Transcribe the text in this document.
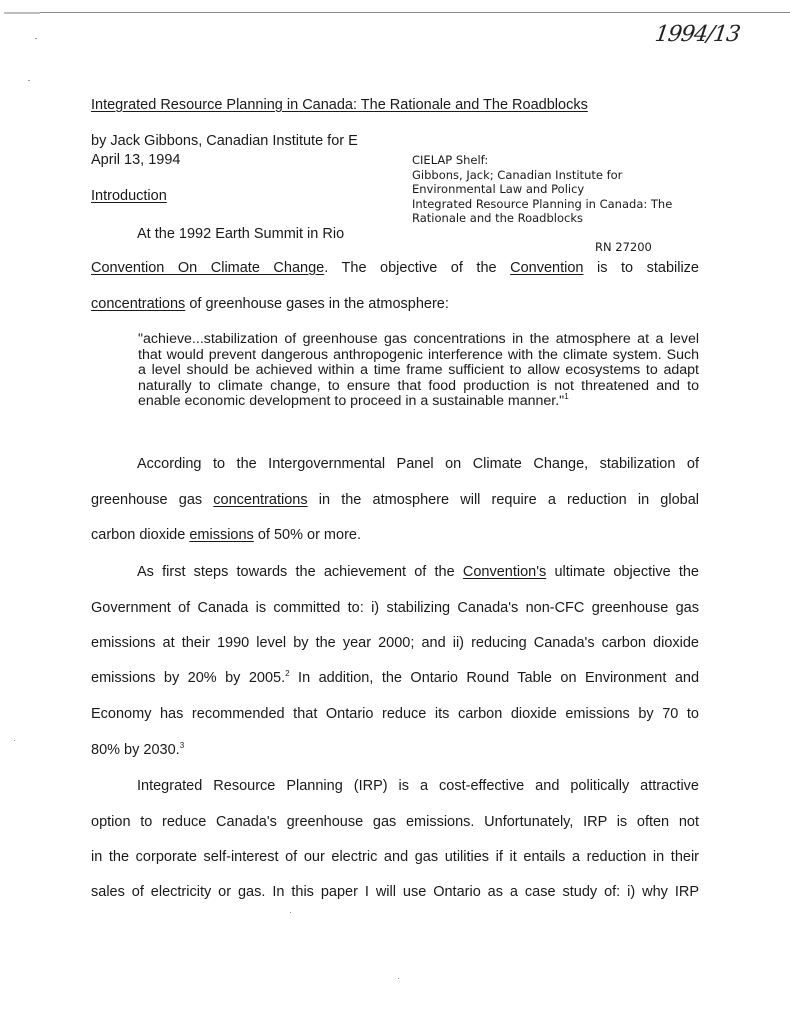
1994/13
Integrated Resource Planning in Canada: The Rationale and The Roadblocks
by Jack Gibbons, Canadian Institute for E
April 13, 1994
Introduction
At the 1992 Earth Summit in Rio
CIELAP Shelf:
Gibbons, Jack; Canadian Institute for
Environmental Law and Policy
Integrated Resource Planning in Canada: The
Rationale and the Roadblocks
RN 27200
Convention On Climate Change. The objective of the Convention is to stabilize
concentrations of greenhouse gases in the atmosphere:
"achieve...stabilization of greenhouse gas concentrations in the atmosphere at a level that would prevent dangerous anthropogenic interference with the climate system. Such a level should be achieved within a time frame sufficient to allow ecosystems to adapt naturally to climate change, to ensure that food production is not threatened and to enable economic development to proceed in a sustainable manner."$^1$
According to the Intergovernmental Panel on Climate Change, stabilization of
greenhouse gas concentrations in the atmosphere will require a reduction in global
carbon dioxide emissions of 50% or more.
As first steps towards the achievement of the Convention's ultimate objective the
Government of Canada is committed to: i) stabilizing Canada's non-CFC greenhouse gas
emissions at their 1990 level by the year 2000; and ii) reducing Canada's carbon dioxide
emissions by 20% by 2005.$^2$ In addition, the Ontario Round Table on Environment and
Economy has recommended that Ontario reduce its carbon dioxide emissions by 70 to
80% by 2030.$^3$
Integrated Resource Planning (IRP) is a cost-effective and politically attractive
option to reduce Canada's greenhouse gas emissions. Unfortunately, IRP is often not
in the corporate self-interest of our electric and gas utilities if it entails a reduction in their
sales of electricity or gas. In this paper I will use Ontario as a case study of: i) why IRP
